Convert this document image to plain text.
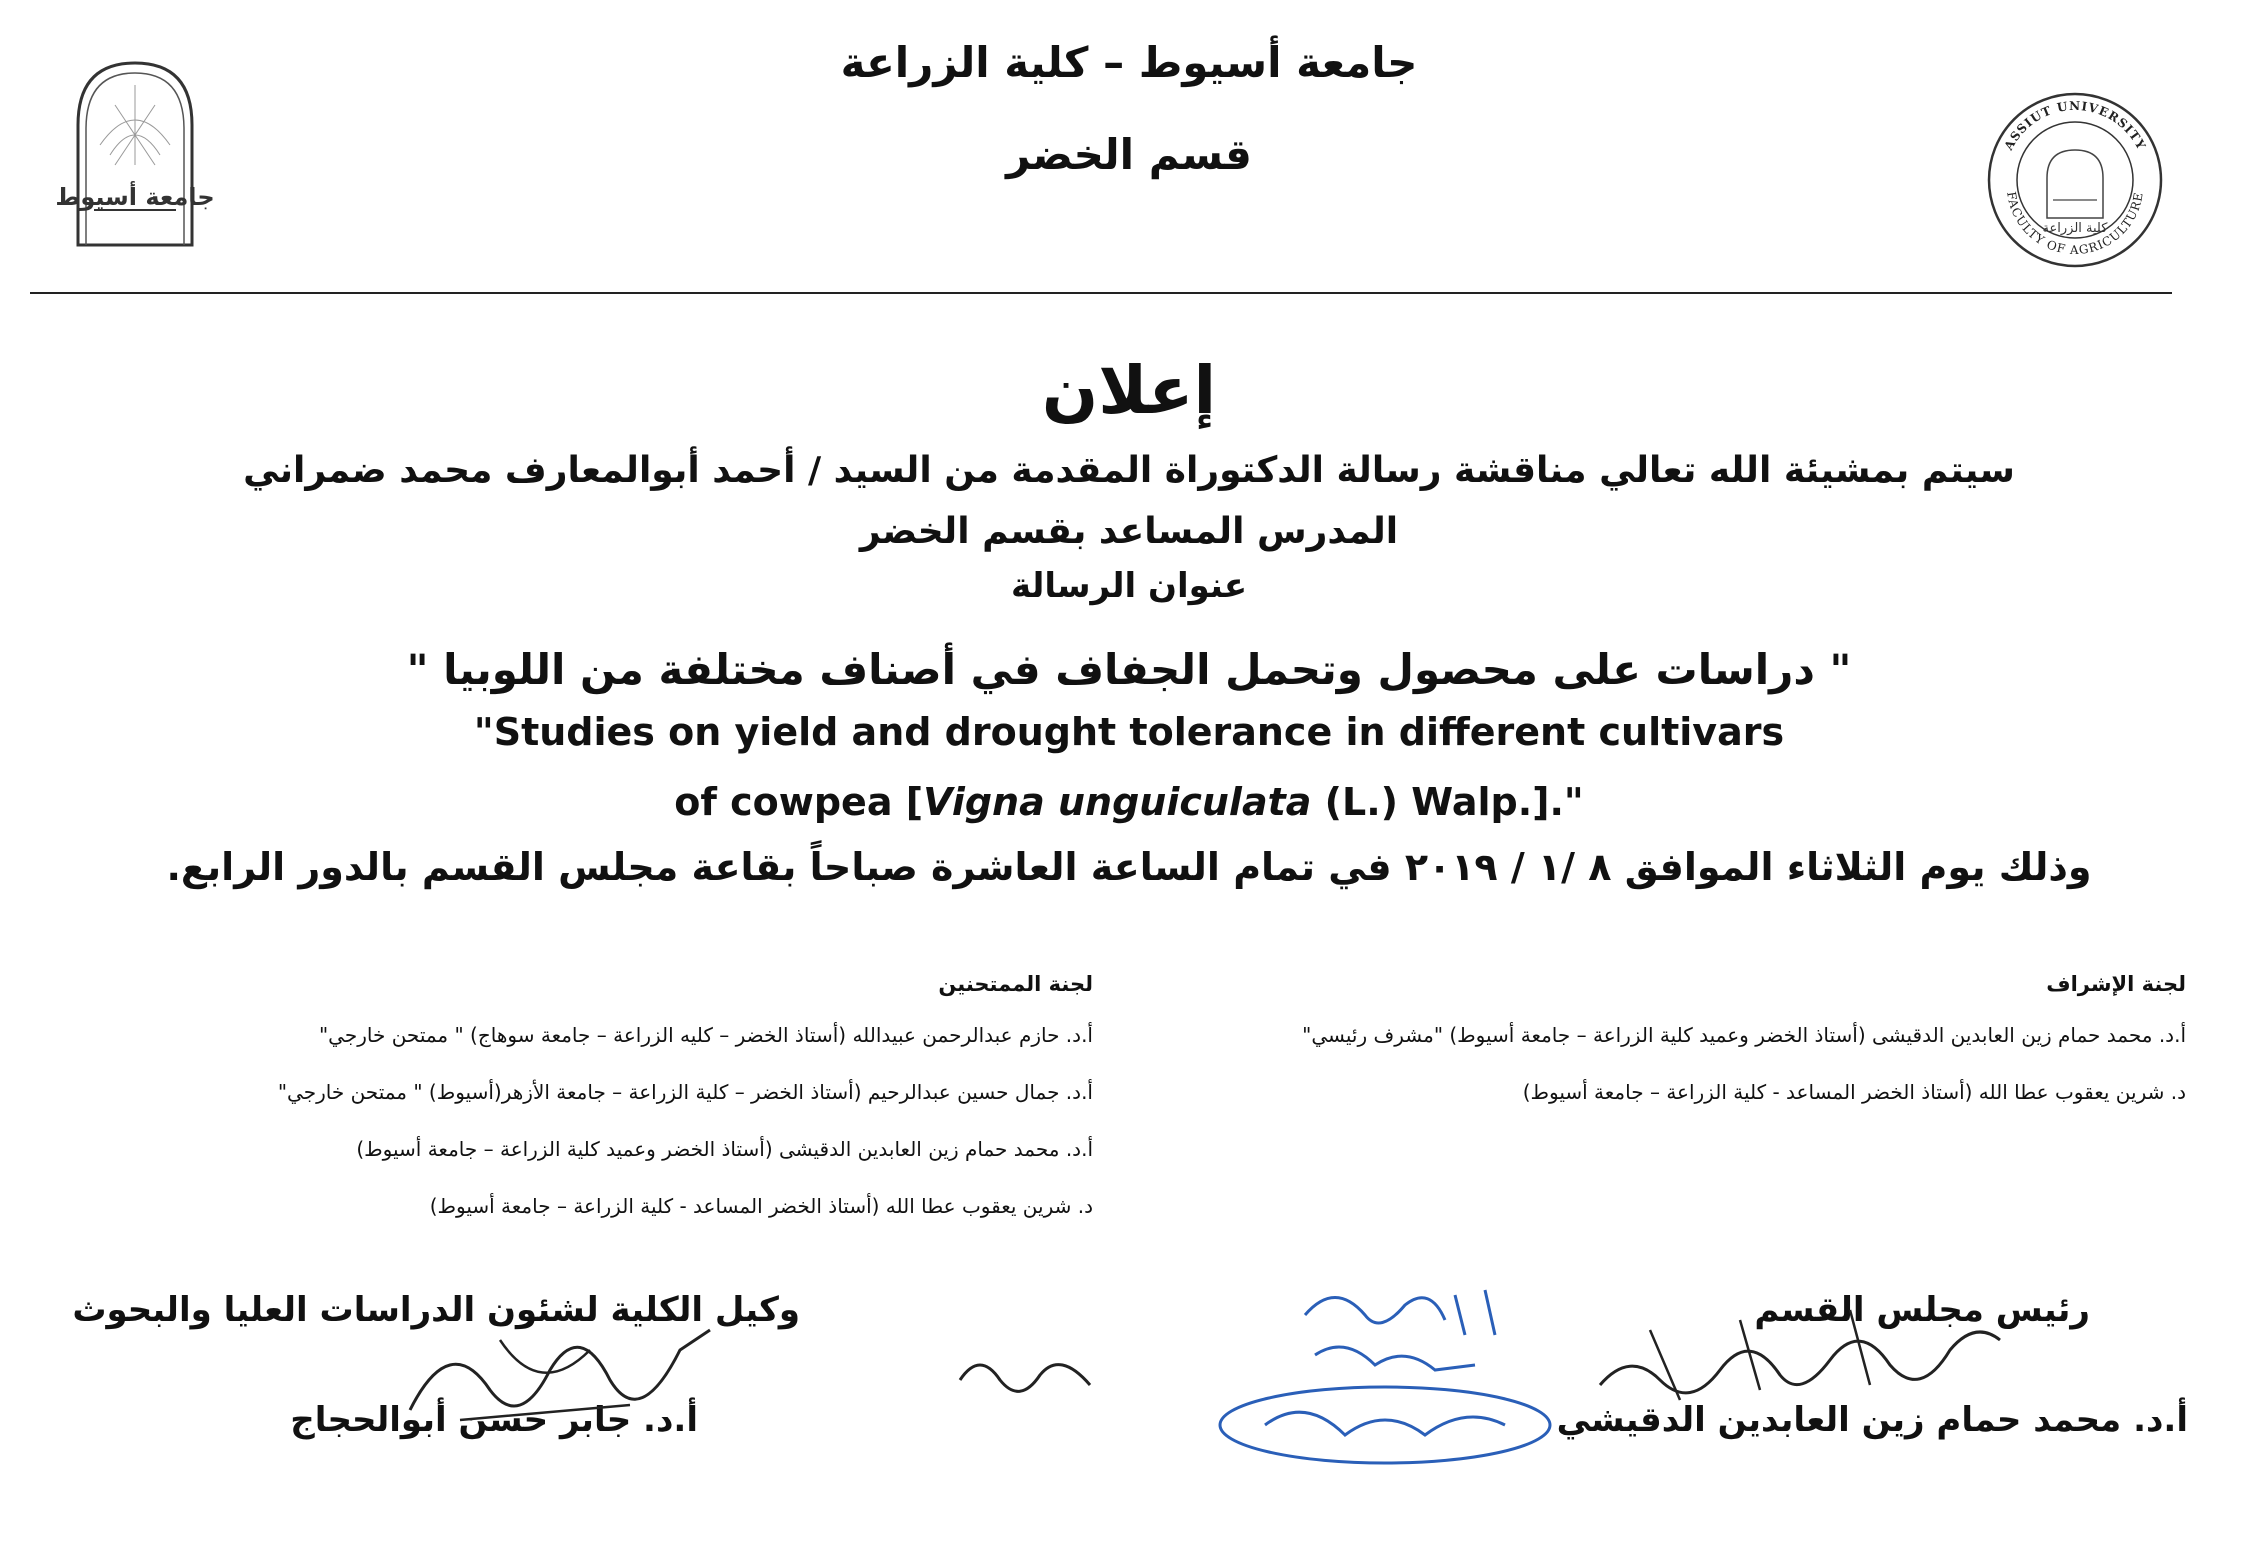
جامعة أسيوط – كلية الزراعة
قسم الخضر
جامعة أسيوط
ASSIUT UNIVERSITY
FACULTY OF AGRICULTURE
كلية الزراعة
إعلان
سيتم بمشيئة الله تعالي مناقشة رسالة الدكتوراة المقدمة من السيد / أحمد أبوالمعارف محمد ضمراني
المدرس المساعد بقسم الخضر
عنوان الرسالة
" دراسات على محصول وتحمل الجفاف في أصناف مختلفة من اللوبيا "
"Studies on yield and drought tolerance in different cultivars
of cowpea [Vigna unguiculata (L.) Walp.]."
وذلك يوم الثلاثاء الموافق ٨ /١ / ٢٠١٩ في تمام الساعة العاشرة صباحاً بقاعة مجلس القسم بالدور الرابع.
لجنة الإشراف
أ.د. محمد حمام زين العابدين الدقيشى (أستاذ الخضر وعميد كلية الزراعة – جامعة أسيوط) "مشرف رئيسي"
د. شرين يعقوب عطا الله (أستاذ الخضر المساعد - كلية الزراعة – جامعة أسيوط)
لجنة الممتحنين
أ.د. حازم عبدالرحمن عبيدالله (أستاذ الخضر – كليه الزراعة – جامعة سوهاج) " ممتحن خارجي"
أ.د. جمال حسين عبدالرحيم (أستاذ الخضر – كلية الزراعة – جامعة الأزهر(أسيوط) " ممتحن خارجي"
أ.د. محمد حمام زين العابدين الدقيشى (أستاذ الخضر وعميد كلية الزراعة – جامعة أسيوط)
د. شرين يعقوب عطا الله (أستاذ الخضر المساعد - كلية الزراعة – جامعة أسيوط)
رئيس مجلس القسم
أ.د. محمد حمام زين العابدين الدقيشي
وكيل الكلية لشئون الدراسات العليا والبحوث
أ.د. جابر حسن أبوالحجاج
